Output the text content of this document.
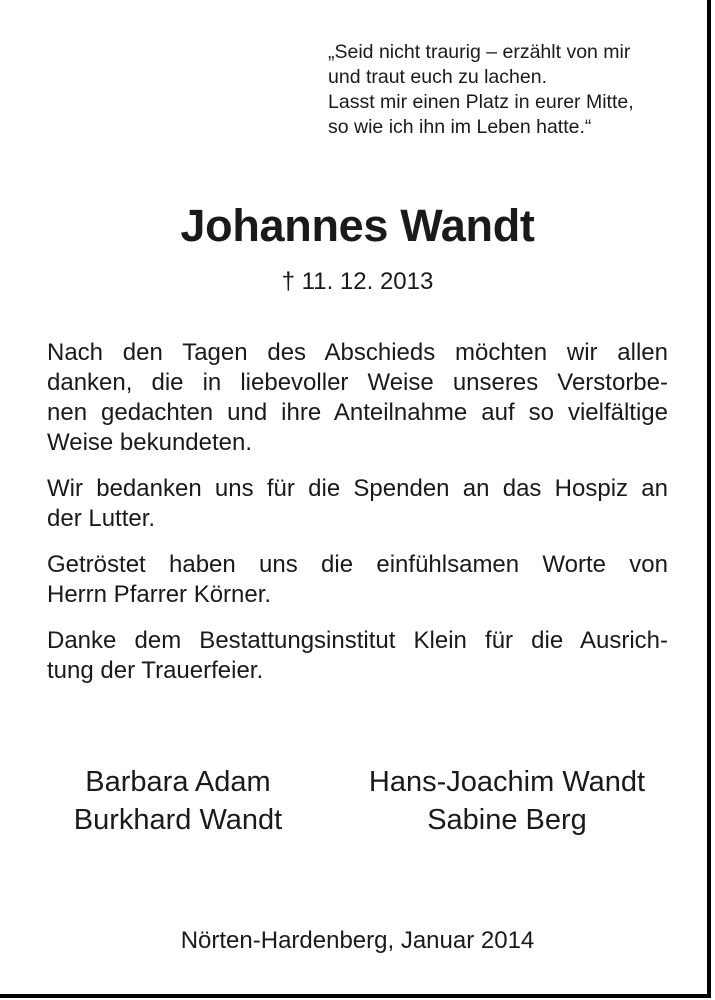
„Seid nicht traurig – erzählt von mir
und traut euch zu lachen.
Lasst mir einen Platz in eurer Mitte,
so wie ich ihn im Leben hatte.“
Johannes Wandt
† 11. 12. 2013
Nach den Tagen des Abschieds möchten wir allen
danken, die in liebevoller Weise unseres Verstorbe-
nen gedachten und ihre Anteilnahme auf so vielfältige
Weise bekundeten.
Wir bedanken uns für die Spenden an das Hospiz an
der Lutter.
Getröstet haben uns die einfühlsamen Worte von
Herrn Pfarrer Körner.
Danke dem Bestattungsinstitut Klein für die Ausrich-
tung der Trauerfeier.
Barbara Adam
Burkhard Wandt
Hans-Joachim Wandt
Sabine Berg
Nörten-Hardenberg, Januar 2014
